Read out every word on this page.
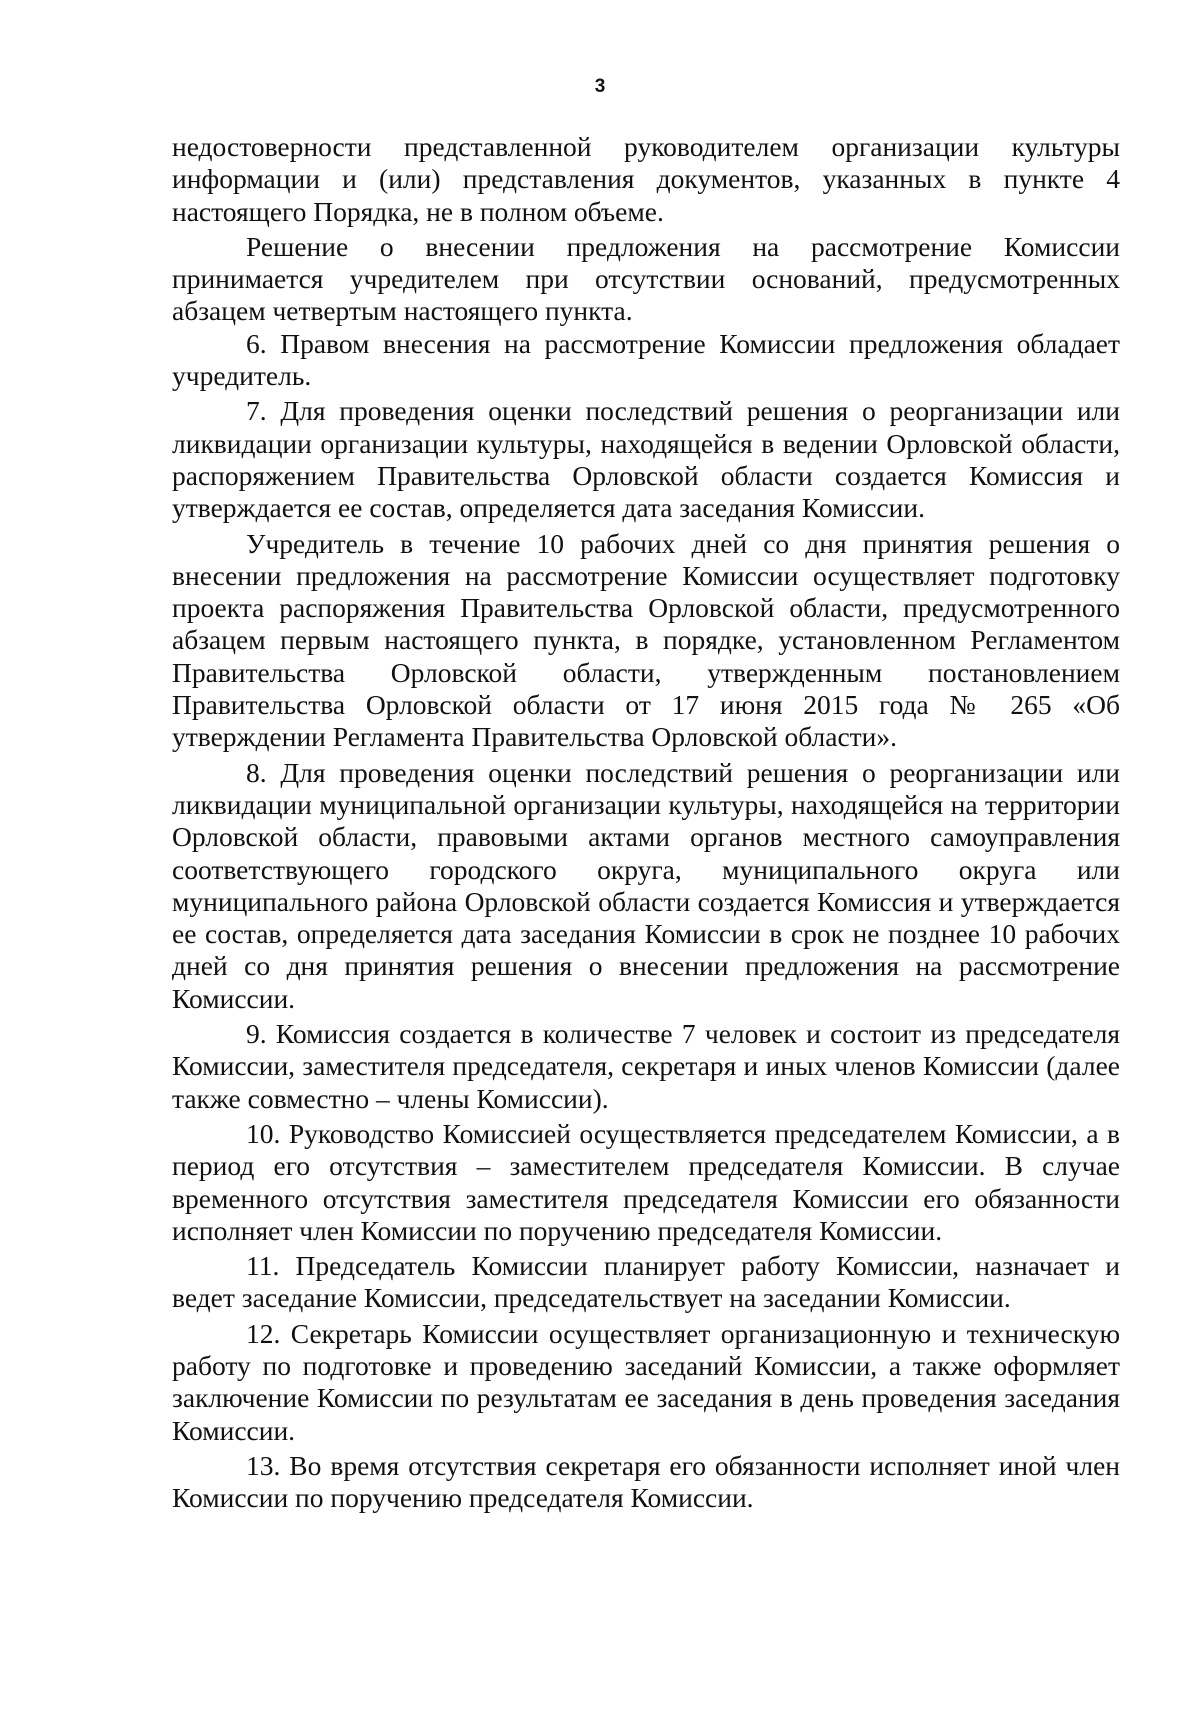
3

недостоверности представленной руководителем организации культуры информации и (или) представления документов, указанных в пункте 4 настоящего Порядка, не в полном объеме.

Решение о внесении предложения на рассмотрение Комиссии принимается учредителем при отсутствии оснований, предусмотренных абзацем четвертым настоящего пункта.

6. Правом внесения на рассмотрение Комиссии предложения обладает учредитель.

7. Для проведения оценки последствий решения о реорганизации или ликвидации организации культуры, находящейся в ведении Орловской области, распоряжением Правительства Орловской области создается Комиссия и утверждается ее состав, определяется дата заседания Комиссии.

Учредитель в течение 10 рабочих дней со дня принятия решения о внесении предложения на рассмотрение Комиссии осуществляет подготовку проекта распоряжения Правительства Орловской области, предусмотренного абзацем первым настоящего пункта, в порядке, установленном Регламентом Правительства Орловской области, утвержденным постановлением Правительства Орловской области от 17 июня 2015 года № 265 «Об утверждении Регламента Правительства Орловской области».

8. Для проведения оценки последствий решения о реорганизации или ликвидации муниципальной организации культуры, находящейся на территории Орловской области, правовыми актами органов местного самоуправления соответствующего городского округа, муниципального округа или муниципального района Орловской области создается Комиссия и утверждается ее состав, определяется дата заседания Комиссии в срок не позднее 10 рабочих дней со дня принятия решения о внесении предложения на рассмотрение Комиссии.

9. Комиссия создается в количестве 7 человек и состоит из председателя Комиссии, заместителя председателя, секретаря и иных членов Комиссии (далее также совместно – члены Комиссии).

10. Руководство Комиссией осуществляется председателем Комиссии, а в период его отсутствия – заместителем председателя Комиссии. В случае временного отсутствия заместителя председателя Комиссии его обязанности исполняет член Комиссии по поручению председателя Комиссии.

11. Председатель Комиссии планирует работу Комиссии, назначает и ведет заседание Комиссии, председательствует на заседании Комиссии.

12. Секретарь Комиссии осуществляет организационную и техническую работу по подготовке и проведению заседаний Комиссии, а также оформляет заключение Комиссии по результатам ее заседания в день проведения заседания Комиссии.

13. Во время отсутствия секретаря его обязанности исполняет иной член Комиссии по поручению председателя Комиссии.
